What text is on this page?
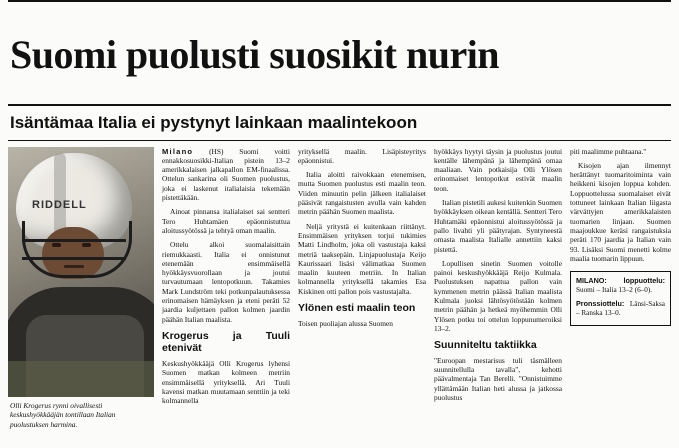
Suomi puolusti suosikit nurin
Isäntämaa Italia ei pystynyt lainkaan maalintekoon
RIDDELL
Olli Krogerus rynni oivallisesti keskushyökkääjän tontillaan Italian puolustuksen harmina.

Milano (HS) Suomi voitti ennakkosuosikki-Italian pistein 13–2 amerikkalaisen jalkapallon EM-finaalissa. Ottelun sankarina oli Suomen puolustus, joka ei laskenut italialaisia tekemään pistettäkään.

Ainoat pinnansa italialaiset sai sentteri Tero Huhtamäen epäonnistuttua aloitussyötössä ja tehtyä oman maalin.

Ottelu alkoi suomalaisittain riemukkaasti. Italia ei onnistunut etenemään ensimmäisellä hyökkäysvuorollaan ja joutui turvautumaan lentopotkuun. Takamies Mark Lundström teki potkunpalautuksessa erinomaisen hämäyksen ja eteni peräti 52 jaardia kuljettaen pallon kolmen jaardin päähän Italian maalista.

Krogerus ja Tuuli etenivät

Keskushyökkääjä Olli Krogerus lyhensi Suomen matkan kolmeen metriin ensimmäisellä yrityksellä. Ari Tuuli kavensi matkan muutamaan senttiin ja teki kolmannella

yrityksellä maalin. Lisäpisteyritys epäonnistui.

Italia aloitti raivokkaan etenemisen, mutta Suomen puolustus esti maalin teon. Viiden minuutin pelin jälkeen italialaiset pääsivät rangaistusten avulla vain kahden metrin päähän Suomen maalista.

Neljä yritystä ei kuitenkaan riittänyt. Ensimmäisen yrityksen torjui tukimies Matti Lindholm, joka oli vastustaja kaksi metriä taaksepäin. Linjapuolustaja Keijo Kaurissaari lisäsi välimatkaa Suomen maalin kuuteen metriin. In Italian kolmannella yrityksellä takamies Esa Kiskinen otti pallon pois vastustajalta.

Ylönen esti maalin teon

Toisen puoliajan alussa Suomen

hyökkäys hyytyi täysin ja puolustus joutui kentälle lähempänä ja lähempänä omaa maaliaan. Vain potkaisija Olli Ylösen erinomaiset lentopotkut estivät maalin teon.

Italian pistetili aukesi kuitenkin Suomen hyökkäyksen oikean kentällä. Sentteri Tero Huhtamäki epäonnistui aloitussyötössä ja pallo livahti yli päätyrajan. Syntyneestä omasta maalista Italialle annettiin kaksi pistettä.

Lopullisen sinetin Suomen voitolle painoi keskushyökkääjä Reijo Kulmala. Puolustuksen napattua pallon vain kymmenen metrin päässä Italian maalista Kulmala juoksi lähtösyötöstään kolmen metrin päähän ja hetkeä myöhemmin Olli Ylösen potku toi ottelun loppunumeroiksi 13–2.

Suunniteltu taktiikka

"Euroopan mestarisus tuli täsmälleen suunnitellulla tavalla", kehotti päävalmentaja Tan Berelli. "Onnistuimme yllättämään Italian heti alussa ja jatkossa puolustus

piti maalimme puhtaana."

Kisojen ajan ilmennyt herättänyt tuomaritoiminta vain heikkeni kisojen loppua kohden. Loppuottelussa suomalaiset eivät tottuneet lainkaan Italian liigasta värvättyjen amerikkalaisten tuomarien linjaan. Suomen maajoukkue keräsi rangaistuksia peräti 170 jaardia ja Italian vain 93. Lisäksi Suomi menetti kolme maalia tuomarin lippuun.

MILANO: loppuottelu: Suomi – Italia 13–2 (6–0).

Pronssiottelu: Länsi-Saksa – Ranska 13–0.
